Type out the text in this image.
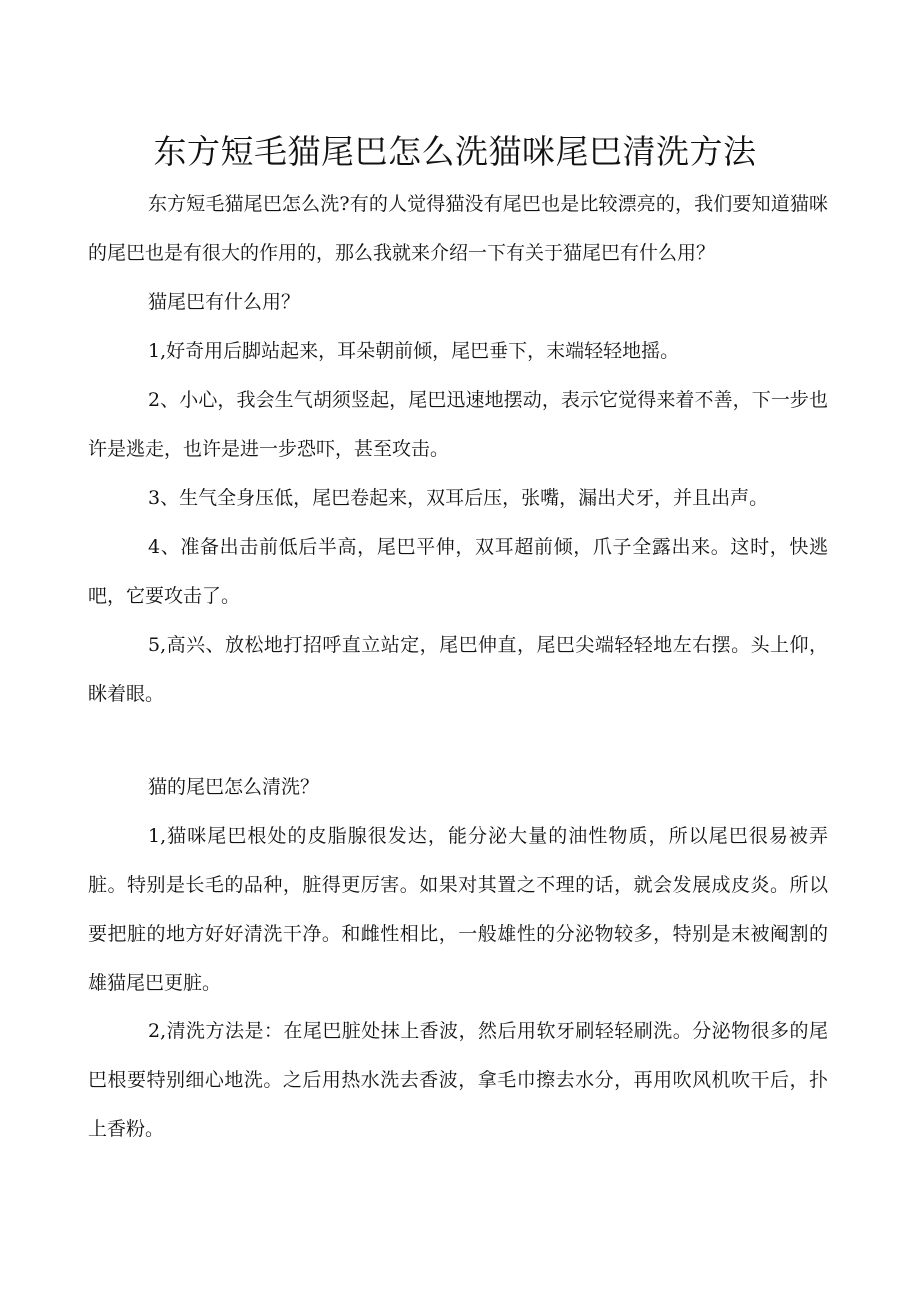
东方短毛猫尾巴怎么洗猫咪尾巴清洗方法

东方短毛猫尾巴怎么洗?有的人觉得猫没有尾巴也是比较漂亮的，我们要知道猫咪的尾巴也是有很大的作用的，那么我就来介绍一下有关于猫尾巴有什么用？

猫尾巴有什么用？

1,好奇用后脚站起来，耳朵朝前倾，尾巴垂下，末端轻轻地摇。

2、小心，我会生气胡须竖起，尾巴迅速地摆动，表示它觉得来着不善，下一步也许是逃走，也许是进一步恐吓，甚至攻击。

3、生气全身压低，尾巴卷起来，双耳后压，张嘴，漏出犬牙，并且出声。

4、准备出击前低后半高，尾巴平伸，双耳超前倾，爪子全露出来。这时，快逃吧，它要攻击了。

5,高兴、放松地打招呼直立站定，尾巴伸直，尾巴尖端轻轻地左右摆。头上仰，眯着眼。

猫的尾巴怎么清洗？

1,猫咪尾巴根处的皮脂腺很发达，能分泌大量的油性物质，所以尾巴很易被弄脏。特别是长毛的品种，脏得更厉害。如果对其置之不理的话，就会发展成皮炎。所以要把脏的地方好好清洗干净。和雌性相比，一般雄性的分泌物较多，特别是末被阉割的雄猫尾巴更脏。

2,清洗方法是：在尾巴脏处抹上香波，然后用软牙刷轻轻刷洗。分泌物很多的尾巴根要特别细心地洗。之后用热水洗去香波，拿毛巾擦去水分，再用吹风机吹干后，扑上香粉。
